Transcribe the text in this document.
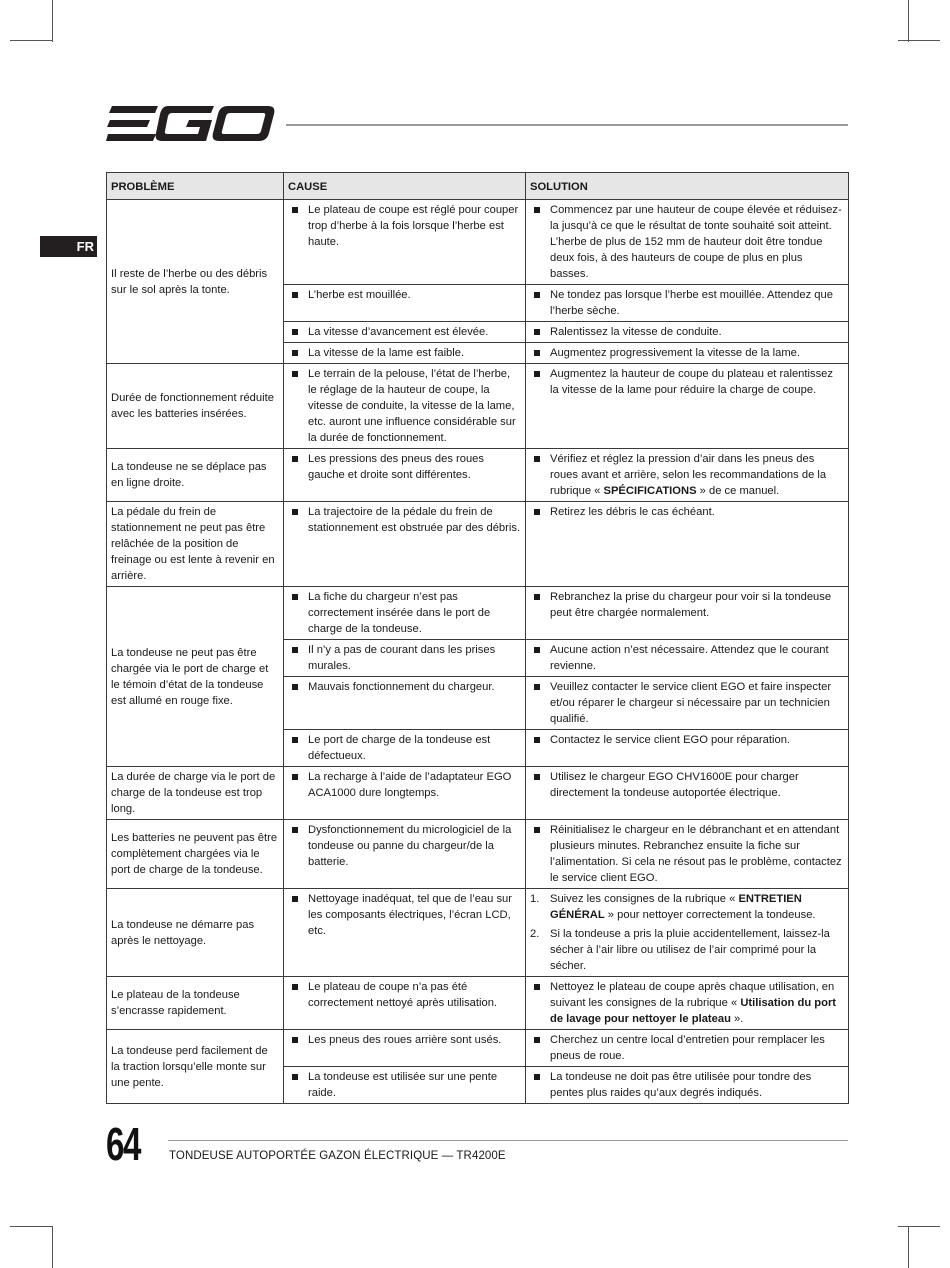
FR
PROBLÈME	CAUSE	SOLUTION
Il reste de l’herbe ou des débris sur le sol après la tonte.	Le plateau de coupe est réglé pour couper trop d’herbe à la fois lorsque l’herbe est haute.	Commencez par une hauteur de coupe élevée et réduisez-la jusqu’à ce que le résultat de tonte souhaité soit atteint. L’herbe de plus de 152 mm de hauteur doit être tondue deux fois, à des hauteurs de coupe de plus en plus basses.

	L’herbe est mouillée.	Ne tondez pas lorsque l’herbe est mouillée. Attendez que l’herbe sèche.

	La vitesse d’avancement est élevée.	Ralentissez la vitesse de conduite.

	La vitesse de la lame est faible.	Augmentez progressivement la vitesse de la lame.

Durée de fonctionnement réduite avec les batteries insérées.	Le terrain de la pelouse, l’état de l’herbe, le réglage de la hauteur de coupe, la vitesse de conduite, la vitesse de la lame, etc. auront une influence considérable sur la durée de fonctionnement.	Augmentez la hauteur de coupe du plateau et ralentissez la vitesse de la lame pour réduire la charge de coupe.

La tondeuse ne se déplace pas en ligne droite.	Les pressions des pneus des roues gauche et droite sont différentes.	Vérifiez et réglez la pression d’air dans les pneus des roues avant et arrière, selon les recommandations de la rubrique « SPÉCIFICATIONS » de ce manuel.

La pédale du frein de stationnement ne peut pas être relâchée de la position de freinage ou est lente à revenir en arrière.	La trajectoire de la pédale du frein de stationnement est obstruée par des débris.	Retirez les débris le cas échéant.

La tondeuse ne peut pas être chargée via le port de charge et le témoin d’état de la tondeuse est allumé en rouge fixe.	La fiche du chargeur n’est pas correctement insérée dans le port de charge de la tondeuse.	Rebranchez la prise du chargeur pour voir si la tondeuse peut être chargée normalement.

	Il n’y a pas de courant dans les prises murales.	Aucune action n’est nécessaire. Attendez que le courant revienne.

	Mauvais fonctionnement du chargeur.	Veuillez contacter le service client EGO et faire inspecter et/ou réparer le chargeur si nécessaire par un technicien qualifié.

	Le port de charge de la tondeuse est défectueux.	Contactez le service client EGO pour réparation.

La durée de charge via le port de charge de la tondeuse est trop long.	La recharge à l’aide de l’adaptateur EGO ACA1000 dure longtemps.	Utilisez le chargeur EGO CHV1600E pour charger directement la tondeuse autoportée électrique.

Les batteries ne peuvent pas être complètement chargées via le port de charge de la tondeuse.	Dysfonctionnement du micrologiciel de la tondeuse ou panne du chargeur/de la batterie.	Réinitialisez le chargeur en le débranchant et en attendant plusieurs minutes. Rebranchez ensuite la fiche sur l’alimentation. Si cela ne résout pas le problème, contactez le service client EGO.

La tondeuse ne démarre pas après le nettoyage.	Nettoyage inadéquat, tel que de l’eau sur les composants électriques, l’écran LCD, etc.	1. Suivez les consignes de la rubrique « ENTRETIEN GÉNÉRAL » pour nettoyer correctement la tondeuse.
2. Si la tondeuse a pris la pluie accidentellement, laissez-la sécher à l’air libre ou utilisez de l’air comprimé pour la sécher.

Le plateau de la tondeuse s’encrasse rapidement.	Le plateau de coupe n’a pas été correctement nettoyé après utilisation.	Nettoyez le plateau de coupe après chaque utilisation, en suivant les consignes de la rubrique « Utilisation du port de lavage pour nettoyer le plateau ».

La tondeuse perd facilement de la traction lorsqu’elle monte sur une pente.	Les pneus des roues arrière sont usés.	Cherchez un centre local d’entretien pour remplacer les pneus de roue.

	La tondeuse est utilisée sur une pente raide.	La tondeuse ne doit pas être utilisée pour tondre des pentes plus raides qu’aux degrés indiqués.
64	TONDEUSE AUTOPORTÉE GAZON ÉLECTRIQUE — TR4200E
